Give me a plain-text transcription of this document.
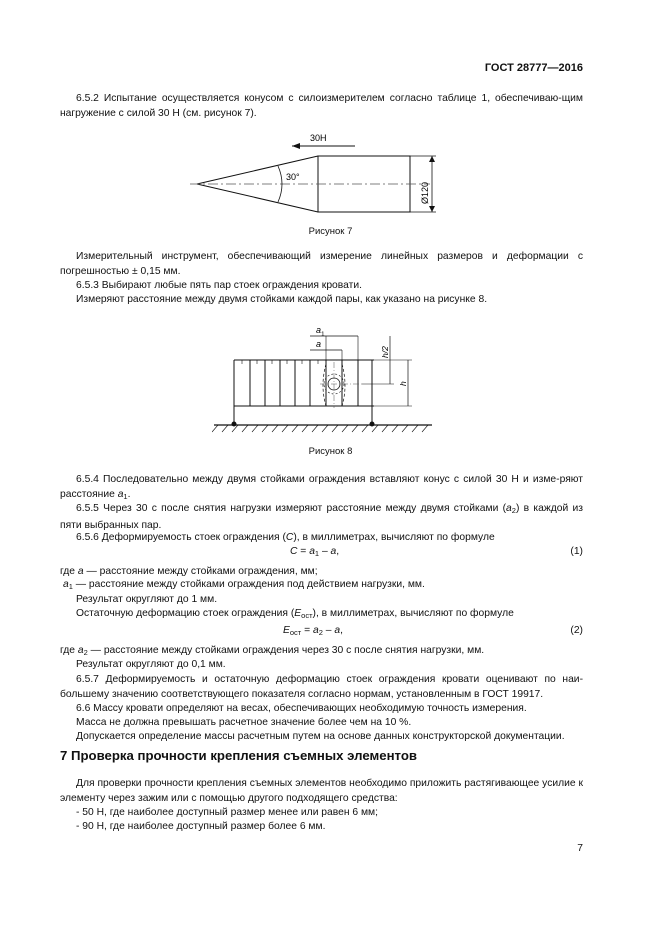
ГОСТ 28777—2016
6.5.2 Испытание осуществляется конусом с силоизмерителем согласно таблице 1, обеспечиваю-щим нагружение с силой 30 Н (см. рисунок 7).
30°
30Н
Ø120
Рисунок 7
Измерительный инструмент, обеспечивающий измерение линейных размеров и деформации с погрешностью ± 0,15 мм.
6.5.3 Выбирают любые пять пар стоек ограждения кровати.
Измеряют расстояние между двумя стойками каждой пары, как указано на рисунке 8.
a 1
a
h/2
h
Рисунок 8
6.5.4 Последовательно между двумя стойками ограждения вставляют конус с силой 30 Н и изме-ряют расстояние $a_1$.
6.5.5 Через 30 с после снятия нагрузки измеряют расстояние между двумя стойками $(a_2)$ в каждой из пяти выбранных пар.
6.5.6 Деформируемость стоек ограждения (C), в миллиметрах, вычисляют по формуле
$C = a_1 - a$,	(1)
где a — расстояние между стойками ограждения, мм;
$a_1$ — расстояние между стойками ограждения под действием нагрузки, мм.
Результат округляют до 1 мм.
Остаточную деформацию стоек ограждения $(E_{ост})$, в миллиметрах, вычисляют по формуле
$E_{ост} = a_2 - a$,	(2)
где $a_2$ — расстояние между стойками ограждения через 30 с после снятия нагрузки, мм.
Результат округляют до 0,1 мм.
6.5.7 Деформируемость и остаточную деформацию стоек ограждения кровати оценивают по наи-большему значению соответствующего показателя согласно нормам, установленным в ГОСТ 19917.
6.6 Массу кровати определяют на весах, обеспечивающих необходимую точность измерения.
Масса не должна превышать расчетное значение более чем на 10 %.
Допускается определение массы расчетным путем на основе данных конструкторской документации.
7 Проверка прочности крепления съемных элементов
Для проверки прочности крепления съемных элементов необходимо приложить растягивающее усилие к элементу через зажим или с помощью другого подходящего средства:
- 50 Н, где наиболее доступный размер менее или равен 6 мм;
- 90 Н, где наиболее доступный размер более 6 мм.
7
